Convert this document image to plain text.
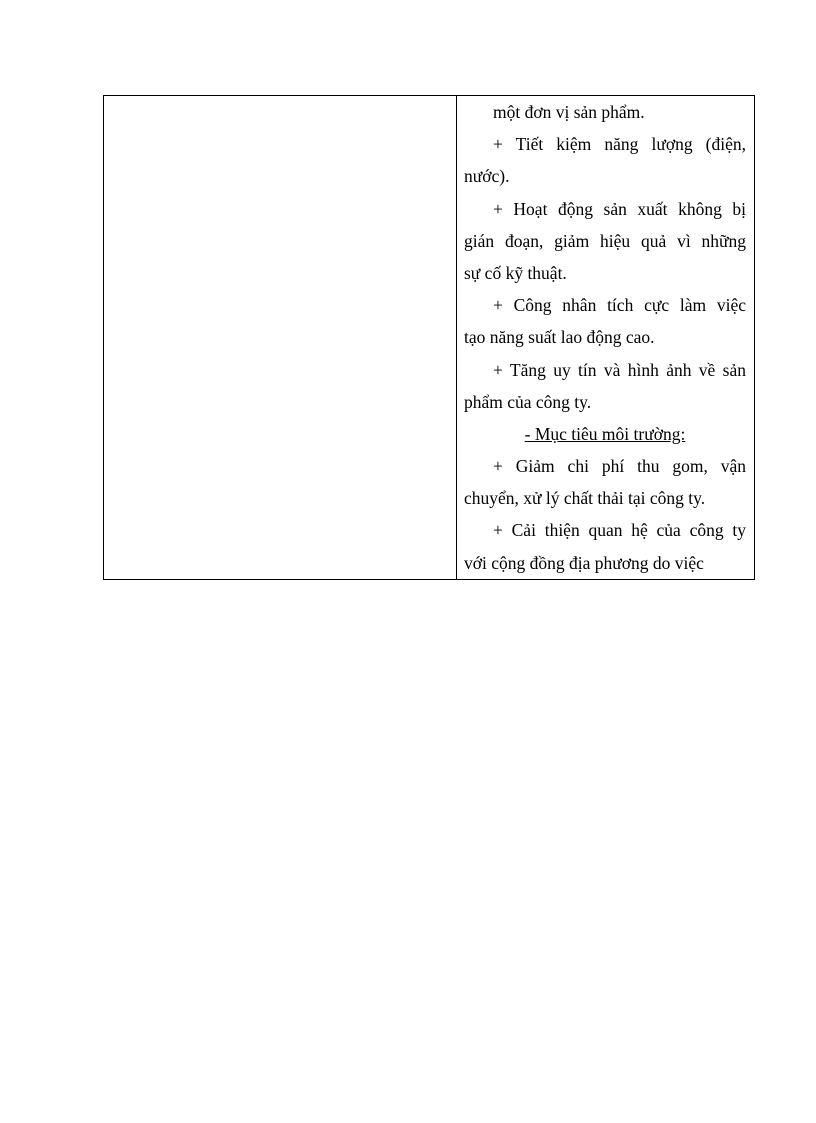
một đơn vị sản phẩm.
+ Tiết kiệm năng lượng (điện,
nước).
+ Hoạt động sản xuất không bị
gián đoạn, giảm hiệu quả vì những
sự cố kỹ thuật.
+ Công nhân tích cực làm việc
tạo năng suất lao động cao.
+ Tăng uy tín và hình ảnh về sản
phẩm của công ty.
- Mục tiêu môi trường:
+ Giảm chi phí thu gom, vận
chuyển, xử lý chất thải tại công ty.
+ Cải thiện quan hệ của công ty
với cộng đồng địa phương do việc
